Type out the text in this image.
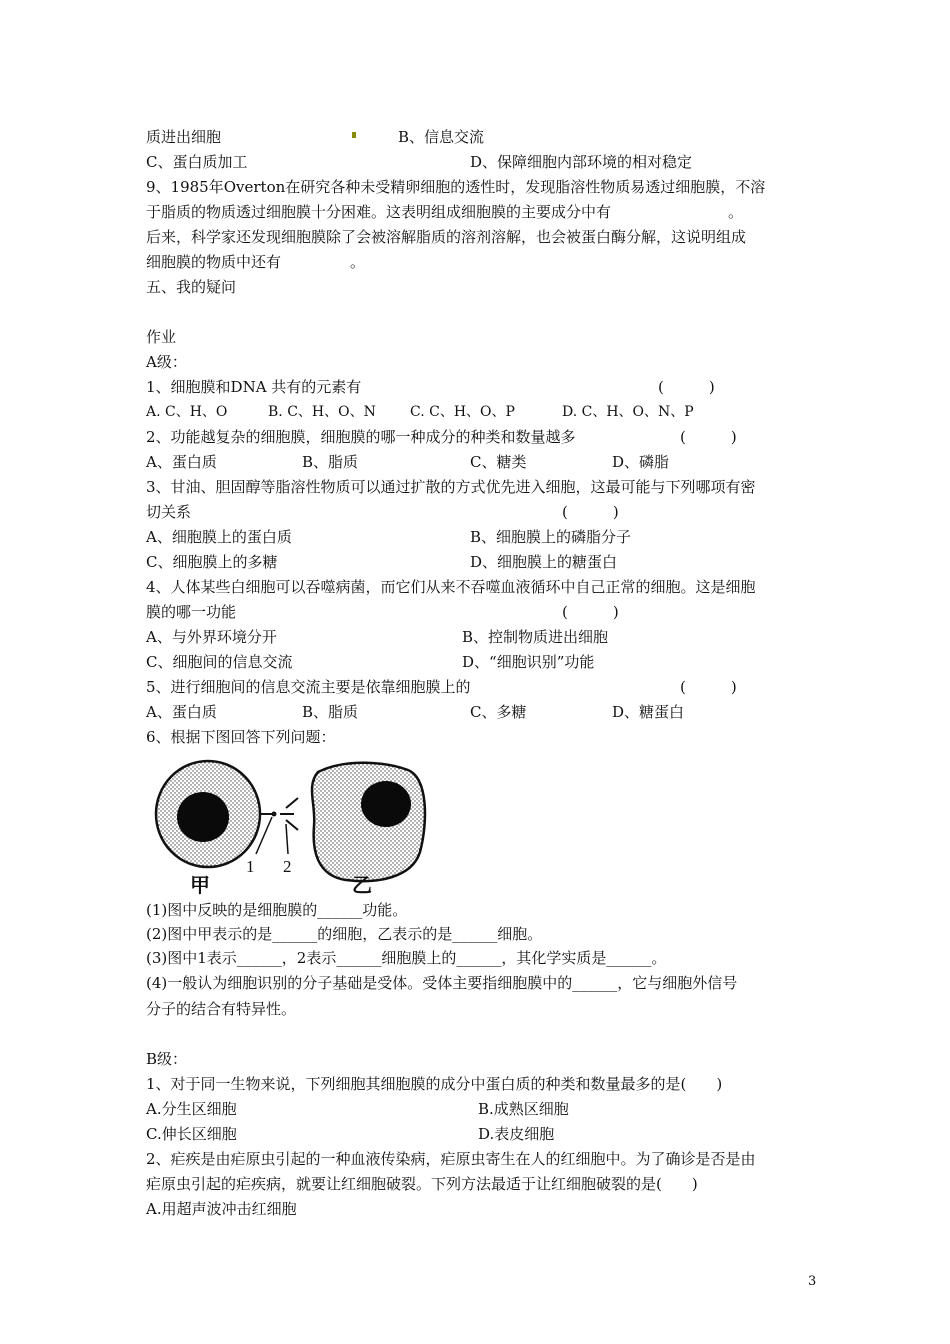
质进出细胞	B、信息交流
C、蛋白质加工	D、保障细胞内部环境的相对稳定
9、1985年Overton在研究各种未受精卵细胞的透性时，发现脂溶性物质易透过细胞膜，不溶
于脂质的物质透过细胞膜十分困难。这表明组成细胞膜的主要成分中有	。
后来，科学家还发现细胞膜除了会被溶解脂质的溶剂溶解，也会被蛋白酶分解，这说明组成
细胞膜的物质中还有	。
五、我的疑问
作业
A级：
1、细胞膜和DNA 共有的元素有	(　　　)
A. C、H、O	B. C、H、O、N C. C、H、O、P	D. C、H、O、N、P
2、功能越复杂的细胞膜，细胞膜的哪一种成分的种类和数量越多	(　　　)
A、蛋白质	B、脂质	C、糖类	D、磷脂
3、甘油、胆固醇等脂溶性物质可以通过扩散的方式优先进入细胞，这最可能与下列哪项有密
切关系	(　　　)
A、细胞膜上的蛋白质	B、细胞膜上的磷脂分子
C、细胞膜上的多糖	D、细胞膜上的糖蛋白
4、人体某些白细胞可以吞噬病菌，而它们从来不吞噬血液循环中自己正常的细胞。这是细胞
膜的哪一功能	(　　　)
A、与外界环境分开	B、控制物质进出细胞
C、细胞间的信息交流	D、“细胞识别”功能
5、进行细胞间的信息交流主要是依靠细胞膜上的	(　　　)
A、蛋白质	B、脂质	C、多糖	D、糖蛋白
6、根据下图回答下列问题：
1 2
甲	乙
(1)图中反映的是细胞膜的______功能。
(2)图中甲表示的是______的细胞，乙表示的是______细胞。
(3)图中1表示______，2表示______细胞膜上的______，其化学实质是______。
(4)一般认为细胞识别的分子基础是受体。受体主要指细胞膜中的______，它与细胞外信号
分子的结合有特异性。
B级：
1、对于同一生物来说，下列细胞其细胞膜的成分中蛋白质的种类和数量最多的是(　　)
A.分生区细胞	B.成熟区细胞
C.伸长区细胞	D.表皮细胞
2、疟疾是由疟原虫引起的一种血液传染病，疟原虫寄生在人的红细胞中。为了确诊是否是由
疟原虫引起的疟疾病，就要让红细胞破裂。下列方法最适于让红细胞破裂的是(　　)
A.用超声波冲击红细胞
3
